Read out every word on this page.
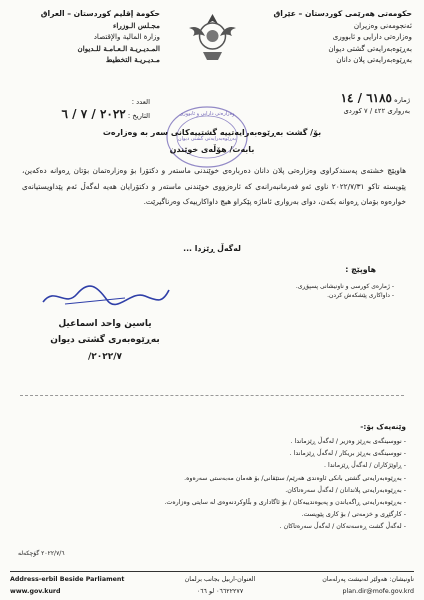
حكومەتی هەرێمی کوردستان – عێراق
ئەنجومەنی وەزیران
وەزارەتی دارایی و ئابووری
بەڕێوەبەرایەتی گشتی دیوان
بەڕێوەبەرایەتی پلان دانان
حكومة إقليم كوردستان – العراق
مجـلس الـوزراء
وزارة المالية والإقتصاد
المـديـريـة الـعـامـة للـديوان
مـديـريـة التخطيط
ژمارە ٦١٨٥ / ١٤
بەرواری ٤٢٢ / ٧ كوردی
العدد :
التاريخ : ٢٠٢٢ / ٧ / ٦	وەزارەتی دارایی و ئابووری
بەڕێوەبەرایەتی گشتی دیوان
بۆ/ گشت بەڕێوەبەرایەتییە گشتییەکانی سەر بە وەزارەت
بابەت/ هۆڵەی خوێندن
هاوپێچ خشتەی پەسندکراوی وەزارەتی پلان دانان دەربارەی خوێندنی ماستەر و دکتۆرا بۆ وەزارەتمان بۆتان ڕەوانە دەکەین، پێویستە تاکو ٢٠٢٢/٧/٣١ ناوی ئەو فەرمانبەرانەی کە ئارەزووی خوێندنی ماستەر و دکتۆرایان هەیە لەگەڵ ئەم پێداویستیانەی خوارەوە بۆمان ڕەوانە بکەن، دوای بەرواری ئاماژە پێکراو هیچ داواکارییەک وەرناگیرێت.
لەگەڵ ڕێزدا ...
هاوپێچ :
- ژمارەی کورسی و ناونیشانی پسپۆڕی.
- داواکاری پێشکەش کردن.
یاسین واحد اسماعیل
بەڕێوەبەری گشتی دیوان
٢٠٢٢/٧/
وێنەیەک بۆ:-
- نووسینگەی بەڕێز وەزیر / لەگەڵ ڕێزماندا .
- نووسینگەی بەڕێز بریکار / لەگەڵ ڕێزماندا .
- ڕاوێژکاران / لەگەڵ ڕێزماندا .
- بەڕێوەبەرایەتی گشتی بانکی ئاوەندی هەرێم/ ستێفانی/ بۆ هەمان مەبەستی سەرەوە.
- بەڕێوەبەرایەتی پلاندانان / لەگەڵ سەرەتاکان.
- بەڕێوەبەرایەتی ڕاگەیاندن و پەیوەندییەکان / بۆ ئاگاداری و بڵاوکردنەوەی لە سایتی وەزارەت.
- کارگێڕی و خزمەتی / بۆ کاری پێویست.
- لەگەڵ گشت ڕەسەنەکان / لەگەڵ سەرەتاکان .
٢٠٢٢/٧/٦ گۆچکەلە
ناونیشان: هەولێر لەنیشت پەرلەمان
plan.dir@mofe.gov.krd
العنوان-اربيل بجانب برلمان
٠٦٦٢٢٢٧٧ لو ٠٦٦
Address-erbil Beside Parliament
www.gov.kurd
